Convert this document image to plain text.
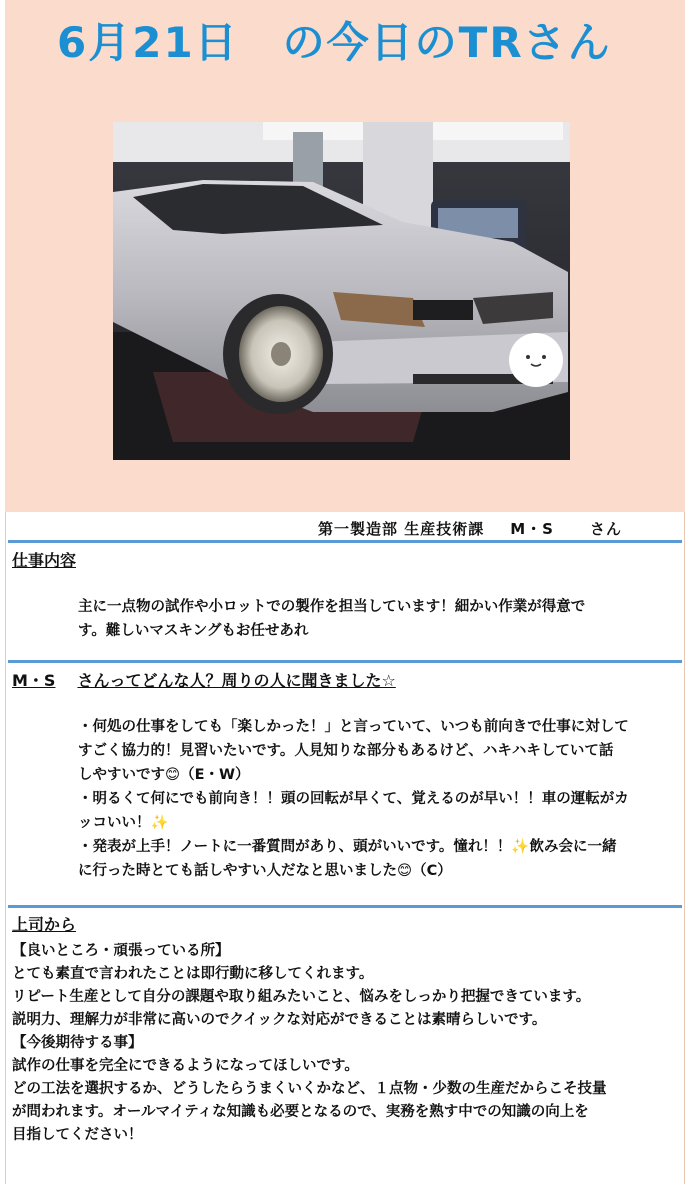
6月21日　の今日のTRさん
第一製造部 生産技術課 M・S さん
仕事内容

主に一点物の試作や小ロットでの製作を担当しています！細かい作業が得意で

す。難しいマスキングもお任せあれ

M・S さんってどんな人？周りの人に聞きました☆

・何処の仕事をしても「楽しかった！」と言っていて、いつも前向きで仕事に対して

すごく協力的！見習いたいです。人見知りな部分もあるけど、ハキハキしていて話

しやすいです😊（E・W）

・明るくて何にでも前向き！！頭の回転が早くて、覚えるのが早い！！車の運転がカ

ッコいい！✨

・発表が上手！ノートに一番質問があり、頭がいいです。憧れ！！✨飲み会に一緒

に行った時とても話しやすい人だなと思いました😊（C）

上司から

【良いところ・頑張っている所】

とても素直で言われたことは即行動に移してくれます。

リピート生産として自分の課題や取り組みたいこと、悩みをしっかり把握できています。

説明力、理解力が非常に高いのでクイックな対応ができることは素晴らしいです。

【今後期待する事】

試作の仕事を完全にできるようになってほしいです。

どの工法を選択するか、どうしたらうまくいくかなど、１点物・少数の生産だからこそ技量

が問われます。オールマイティな知識も必要となるので、実務を熟す中での知識の向上を

目指してください！
